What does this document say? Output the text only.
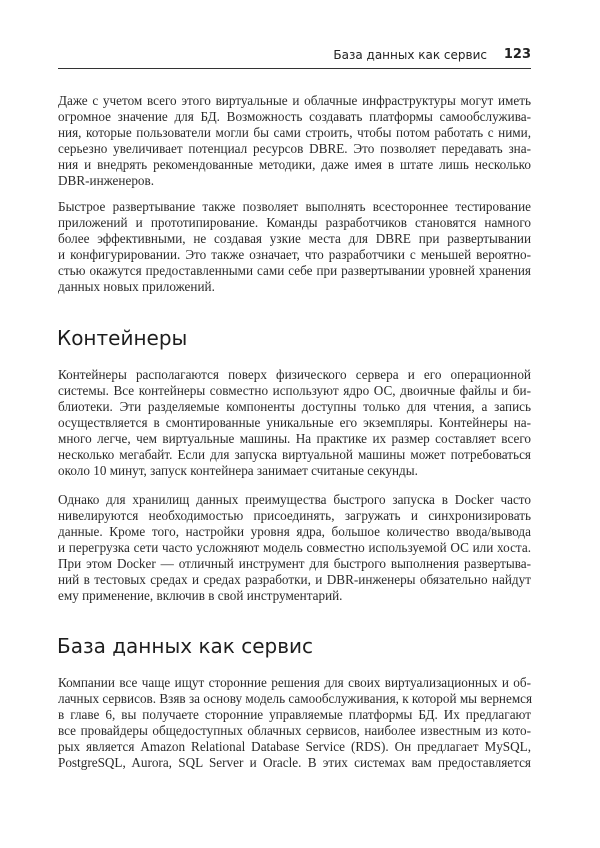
База данных как сервис 123
Даже с учетом всего этого виртуальные и облачные инфраструктуры могут иметь
огромное значение для БД. Возможность создавать платформы самообслужива-
ния, которые пользователи могли бы сами строить, чтобы потом работать с ними,
серьезно увеличивает потенциал ресурсов DBRE. Это позволяет передавать зна-
ния и внедрять рекомендованные методики, даже имея в штате лишь несколько
DBR-инженеров.
Быстрое развертывание также позволяет выполнять всестороннее тестирование
приложений и прототипирование. Команды разработчиков становятся намного
более эффективными, не создавая узкие места для DBRE при развертывании
и конфигурировании. Это также означает, что разработчики с меньшей вероятно-
стью окажутся предоставленными сами себе при развертывании уровней хранения
данных новых приложений.
Контейнеры
Контейнеры располагаются поверх физического сервера и его операционной
системы. Все контейнеры совместно используют ядро ОС, двоичные файлы и би-
блиотеки. Эти разделяемые компоненты доступны только для чтения, а запись
осуществляется в смонтированные уникальные его экземпляры. Контейнеры на-
много легче, чем виртуальные машины. На практике их размер составляет всего
несколько мегабайт. Если для запуска виртуальной машины может потребоваться
около 10 минут, запуск контейнера занимает считаные секунды.
Однако для хранилищ данных преимущества быстрого запуска в Docker часто
нивелируются необходимостью присоединять, загружать и синхронизировать
данные. Кроме того, настройки уровня ядра, большое количество ввода/вывода
и перегрузка сети часто усложняют модель совместно используемой ОС или хоста.
При этом Docker — отличный инструмент для быстрого выполнения развертыва-
ний в тестовых средах и средах разработки, и DBR-инженеры обязательно найдут
ему применение, включив в свой инструментарий.
База данных как сервис
Компании все чаще ищут сторонние решения для своих виртуализационных и об-
лачных сервисов. Взяв за основу модель самообслуживания, к которой мы вернемся
в главе 6, вы получаете сторонние управляемые платформы БД. Их предлагают
все провайдеры общедоступных облачных сервисов, наиболее известным из кото-
рых является Amazon Relational Database Service (RDS). Он предлагает MySQL,
PostgreSQL, Aurora, SQL Server и Oracle. В этих системах вам предоставляется
